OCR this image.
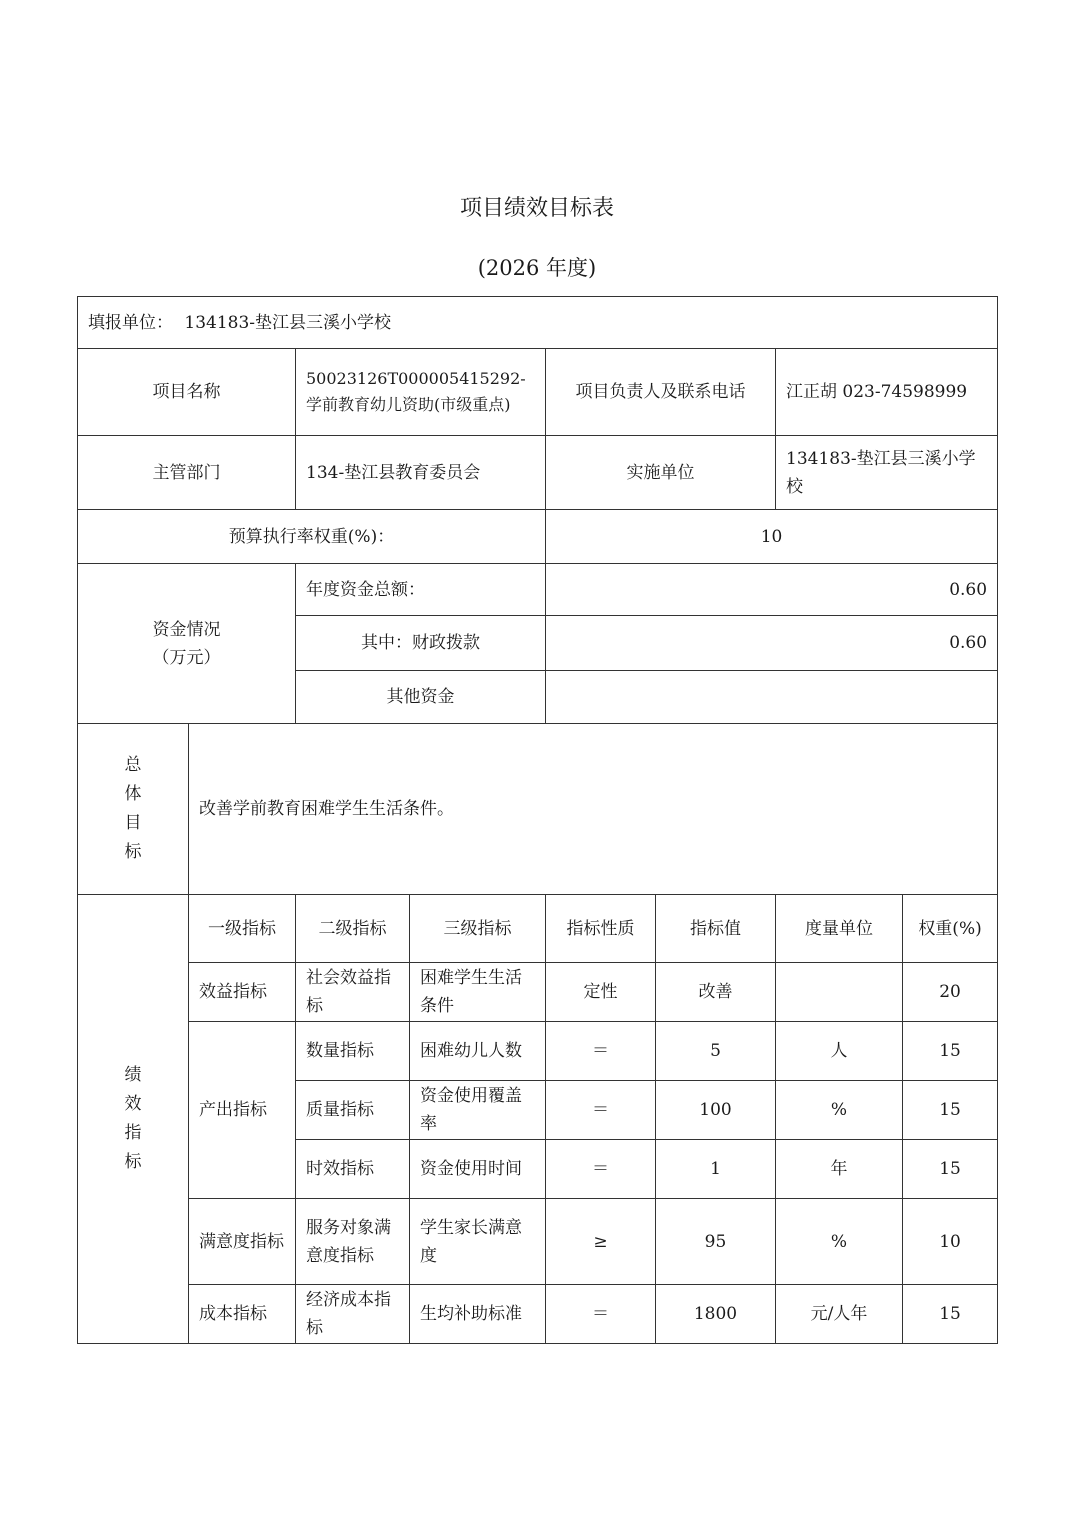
项目绩效目标表
(2026 年度)
填报单位： 134183-垫江县三溪小学校							
项目名称		50023126T000005415292-学前教育幼儿资助(市级重点)		项目负责人及联系电话		江正胡 023-74598999	
主管部门		134-垫江县教育委员会		实施单位		134183-垫江县三溪小学校	
预算执行率权重(%)：				10			

资金情况
（万元）		年度资金总额：		0.60			
		其中：财政拨款		0.60			
		其他资金					

总
体
目
标	改善学前教育困难学生生活条件。						

绩
效
指
标	一级指标	二级指标	三级指标	指标性质	指标值	度量单位	权重(%)
	效益指标	社会效益指标	困难学生生活条件	定性	改善		20
	产出指标	数量指标	困难幼儿人数	＝	5	人	15
		质量指标	资金使用覆盖率	＝	100	%	15
		时效指标	资金使用时间	＝	1	年	15
	满意度指标	服务对象满意度指标	学生家长满意度	≥	95	%	10
	成本指标	经济成本指标	生均补助标准	＝	1800	元/人年	15
